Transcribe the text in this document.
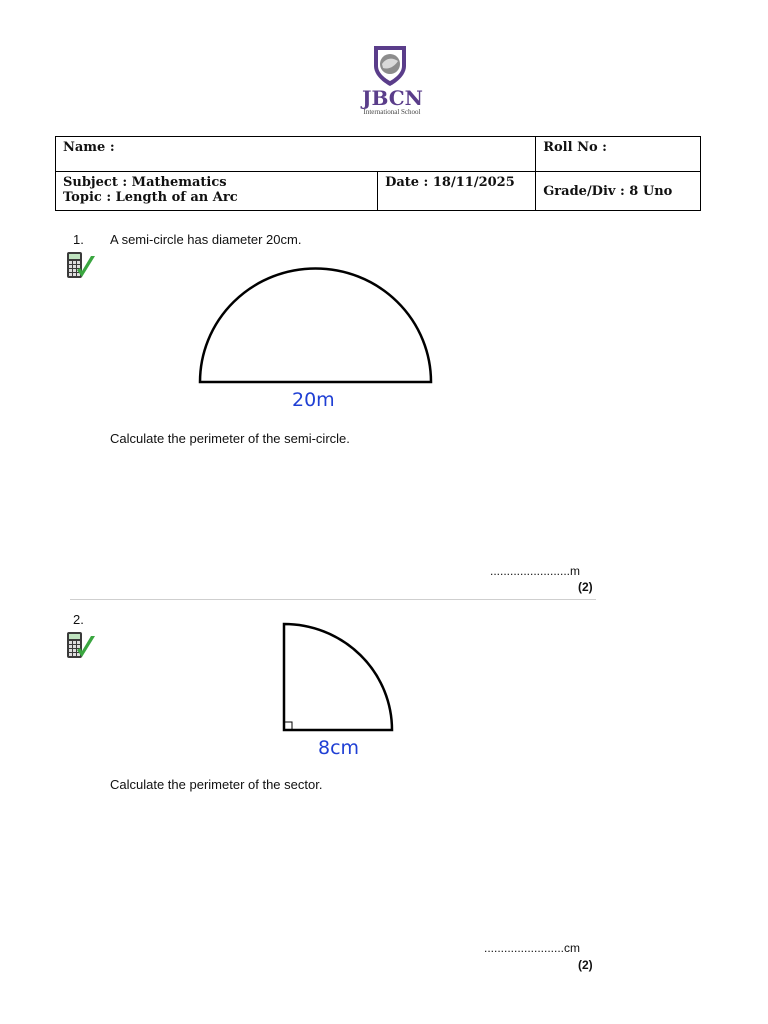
JBCN
International School
Name :		Roll No :

Subject : Mathematics
Topic : Length of an Arc	Date : 18/11/2025	Grade/Div : 8 Uno
1. A semi-circle has diameter 20cm.
20m
Calculate the perimeter of the semi-circle.
........................m
(2)
2.
8cm
Calculate the perimeter of the sector.
........................cm
(2)
